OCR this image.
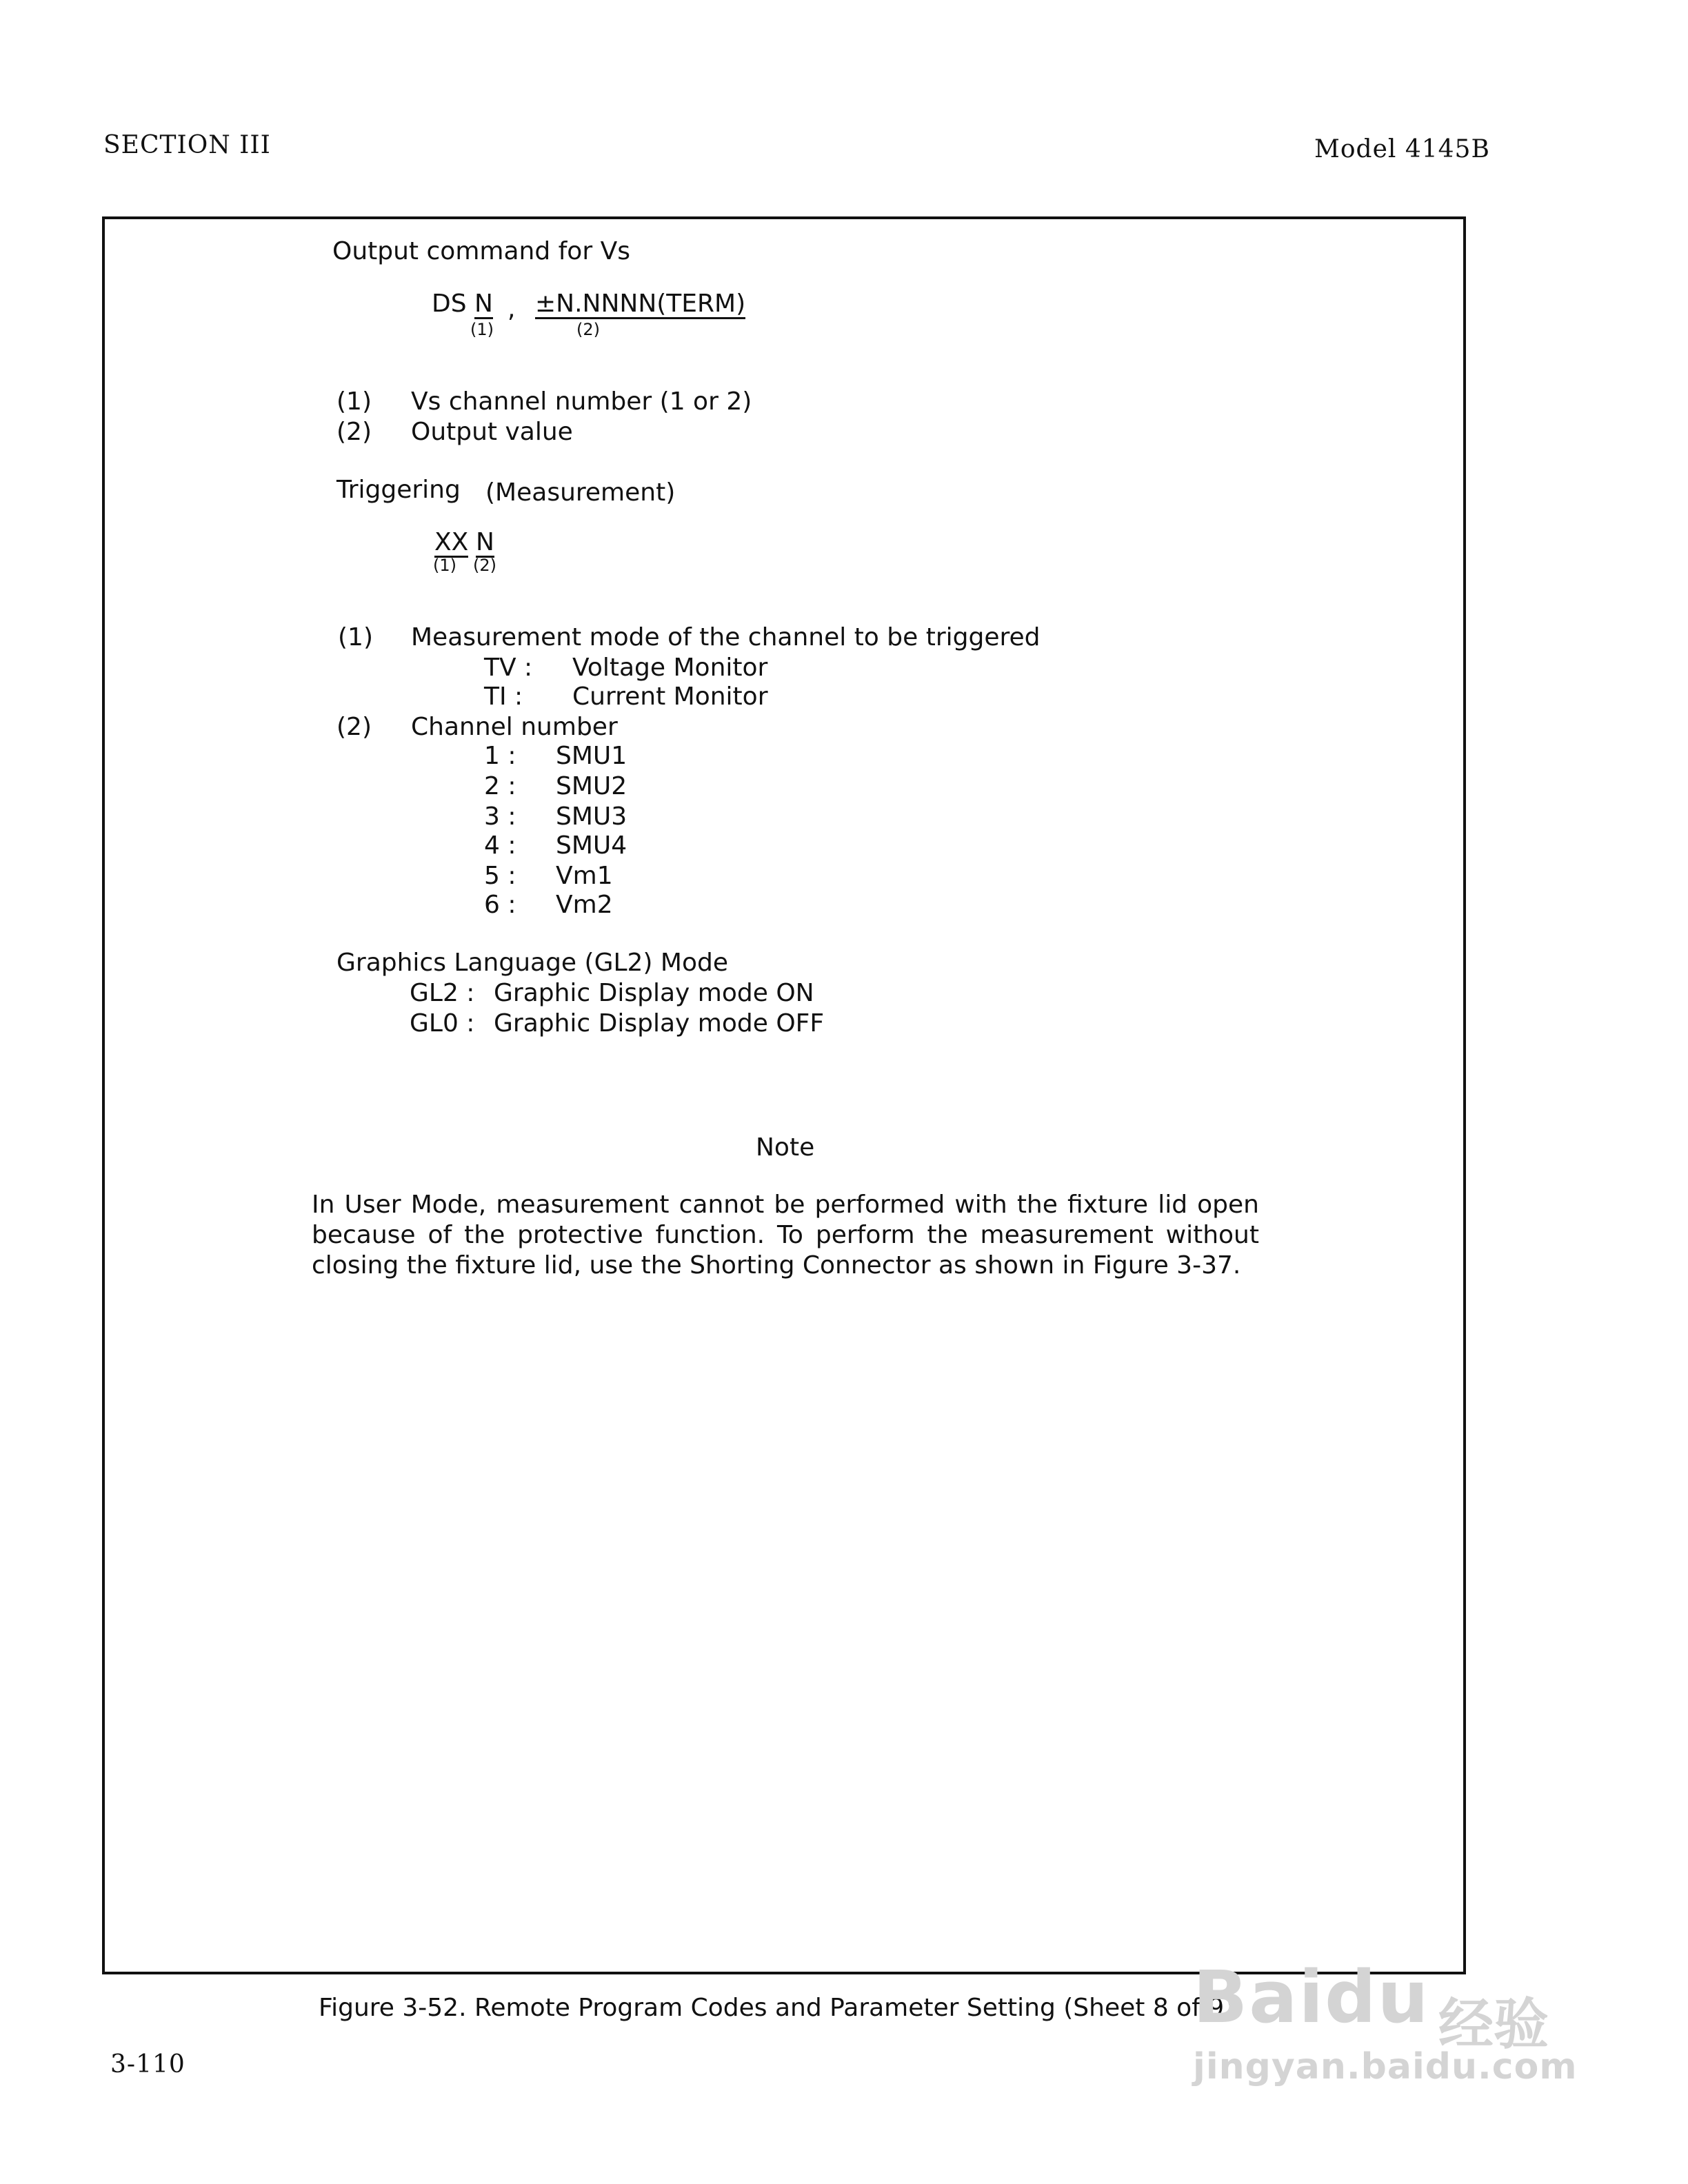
SECTION III	Model 4145B
Output command for Vs
DS N
(1)
, ±N.NNNN(TERM)
(2)
(1) Vs channel number (1 or 2)
(2) Output value
Triggering (Measurement)
XX
(1)
N
(2)
(1) Measurement mode of the channel to be triggered
TV : Voltage Monitor
TI : Current Monitor
(2) Channel number
1 : SMU1
2 : SMU2
3 : SMU3
4 : SMU4
5 : Vm1
6 : Vm2
Graphics Language (GL2) Mode
GL2 : Graphic Display mode ON
GL0 : Graphic Display mode OFF
Note
In User Mode, measurement cannot be performed with the fixture lid open because of the protective function. To perform the measurement without closing the fixture lid, use the Shorting Connector as shown in Figure 3-37.
Figure 3-52. Remote Program Codes and Parameter Setting (Sheet 8 of 9)
3-110
Baidu 经验
jingyan.baidu.com
